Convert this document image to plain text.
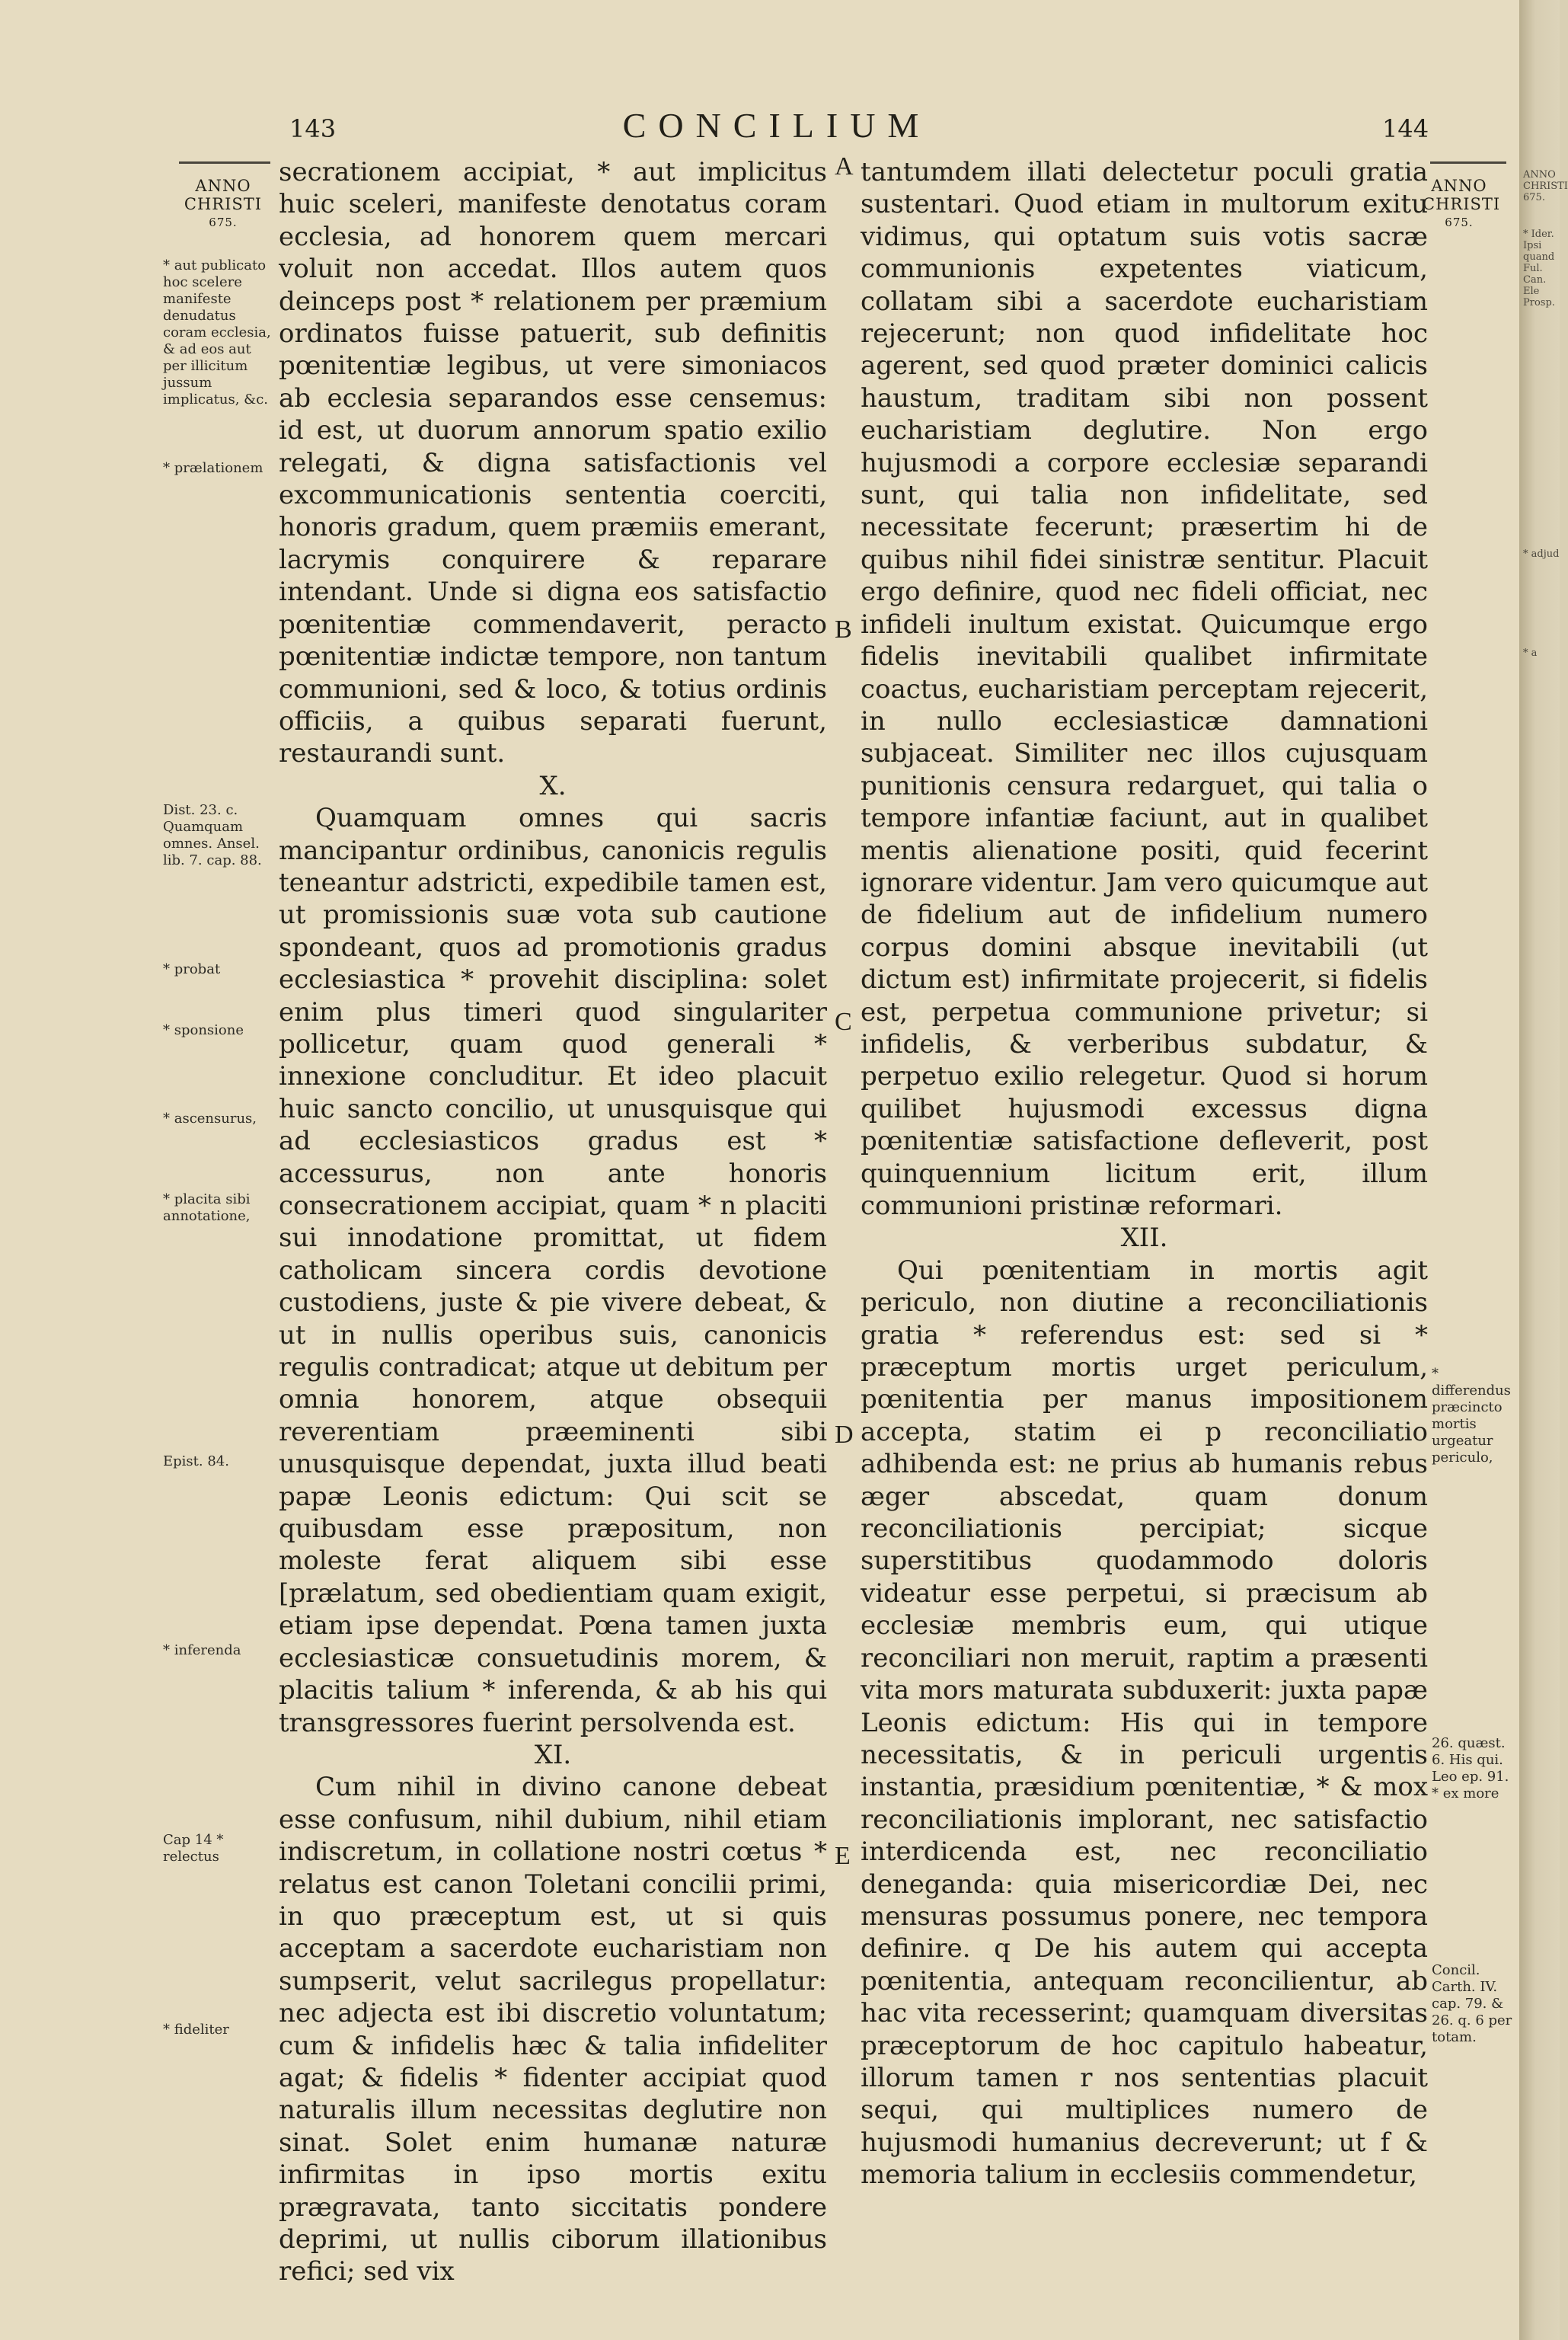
143	CONCILIUM	144
ANNO
CHRISTI
675.
ANNO
CHRISTI
675.
* aut publicato hoc scelere manifeste denudatus coram ecclesia, & ad eos aut per illicitum jussum implicatus, &c.
* prælationem
Dist. 23. c. Quamquam omnes. Ansel. lib. 7. cap. 88.
* probat
* sponsione
* ascensurus,
* placita sibi annotatione,
Epist. 84.
* inferenda
Cap 14 * relectus
* fideliter
A
B
C
D
E

secrationem accipiat, * aut implicitus huic sceleri, manifeste denotatus coram ecclesia, ad honorem quem mercari voluit non accedat. Illos autem quos deinceps post * relationem per præmium ordinatos fuisse patuerit, sub definitis pœnitentiæ legibus, ut vere simoniacos ab ecclesia separandos esse censemus: id est, ut duorum annorum spatio exilio relegati, & digna satisfactionis vel excommunicationis sententia coerciti, honoris gradum, quem præmiis emerant, lacrymis conquirere & reparare intendant. Unde si digna eos satisfactio pœnitentiæ commendaverit, peracto pœnitentiæ indictæ tempore, non tantum communioni, sed & loco, & totius ordinis officiis, a quibus separati fuerunt, restaurandi sunt.

X.

Quamquam omnes qui sacris mancipantur ordinibus, canonicis regulis teneantur adstricti, expedibile tamen est, ut promissionis suæ vota sub cautione spondeant, quos ad promotionis gradus ecclesiastica * provehit disciplina: solet enim plus timeri quod singulariter pollicetur, quam quod generali * innexione concluditur. Et ideo placuit huic sancto concilio, ut unusquisque qui ad ecclesiasticos gradus est * accessurus, non ante honoris consecrationem accipiat, quam * n placiti sui innodatione promittat, ut fidem catholicam sincera cordis devotione custodiens, juste & pie vivere debeat, & ut in nullis operibus suis, canonicis regulis contradicat; atque ut debitum per omnia honorem, atque obsequii reverentiam præeminenti sibi unusquisque dependat, juxta illud beati papæ Leonis edictum: Qui scit se quibusdam esse præpositum, non moleste ferat aliquem sibi esse [prælatum, sed obedientiam quam exigit, etiam ipse dependat. Pœna tamen juxta ecclesiasticæ consuetudinis morem, & placitis talium * inferenda, & ab his qui transgressores fuerint persolvenda est.

XI.

Cum nihil in divino canone debeat esse confusum, nihil dubium, nihil etiam indiscretum, in collatione nostri cœtus * relatus est canon Toletani concilii primi, in quo præceptum est, ut si quis acceptam a sacerdote eucharistiam non sumpserit, velut sacrilegus propellatur: nec adjecta est ibi discretio voluntatum; cum & infidelis hæc & talia infideliter agat; & fidelis * fidenter accipiat quod naturalis illum necessitas deglutire non sinat. Solet enim humanæ naturæ infirmitas in ipso mortis exitu prægravata, tanto siccitatis pondere deprimi, ut nullis ciborum illationibus refici; sed vix

tantumdem illati delectetur poculi gratia sustentari. Quod etiam in multorum exitu vidimus, qui optatum suis votis sacræ communionis expetentes viaticum, collatam sibi a sacerdote eucharistiam rejecerunt; non quod infidelitate hoc agerent, sed quod præter dominici calicis haustum, traditam sibi non possent eucharistiam deglutire. Non ergo hujusmodi a corpore ecclesiæ separandi sunt, qui talia non infidelitate, sed necessitate fecerunt; præsertim hi de quibus nihil fidei sinistræ sentitur. Placuit ergo definire, quod nec fideli officiat, nec infideli inultum existat. Quicumque ergo fidelis inevitabili qualibet infirmitate coactus, eucharistiam perceptam rejecerit, in nullo ecclesiasticæ damnationi subjaceat. Similiter nec illos cujusquam punitionis censura redarguet, qui talia o tempore infantiæ faciunt, aut in qualibet mentis alienatione positi, quid fecerint ignorare videntur. Jam vero quicumque aut de fidelium aut de infidelium numero corpus domini absque inevitabili (ut dictum est) infirmitate projecerit, si fidelis est, perpetua communione privetur; si infidelis, & verberibus subdatur, & perpetuo exilio relegetur. Quod si horum quilibet hujusmodi excessus digna pœnitentiæ satisfactione defleverit, post quinquennium licitum erit, illum communioni pristinæ reformari.

XII.

Qui pœnitentiam in mortis agit periculo, non diutine a reconciliationis gratia * referendus est: sed si * præceptum mortis urget periculum, pœnitentia per manus impositionem accepta, statim ei p reconciliatio adhibenda est: ne prius ab humanis rebus æger abscedat, quam donum reconciliationis percipiat; sicque superstitibus quodammodo doloris videatur esse perpetui, si præcisum ab ecclesiæ membris eum, qui utique reconciliari non meruit, raptim a præsenti vita mors maturata subduxerit: juxta papæ Leonis edictum: His qui in tempore necessitatis, & in periculi urgentis instantia, præsidium pœnitentiæ, * & mox reconciliationis implorant, nec satisfactio interdicenda est, nec reconciliatio deneganda: quia misericordiæ Dei, nec mensuras possumus ponere, nec tempora definire. q De his autem qui accepta pœnitentia, antequam reconcilientur, ab hac vita recesserint; quamquam diversitas præceptorum de hoc capitulo habeatur, illorum tamen r nos sententias placuit sequi, qui multiplices numero de hujusmodi humanius decreverunt; ut f & memoria talium in ecclesiis commendetur,

* differendus præcincto mortis urgeatur periculo,
26. quæst. 6. His qui. Leo ep. 91. * ex more
Concil. Carth. IV. cap. 79. & 26. q. 6 per totam.
ANNO CHRISTI 675.
* Ider. Ipsi quand Ful. Can. Ele Prosp.
* adjud
* a
